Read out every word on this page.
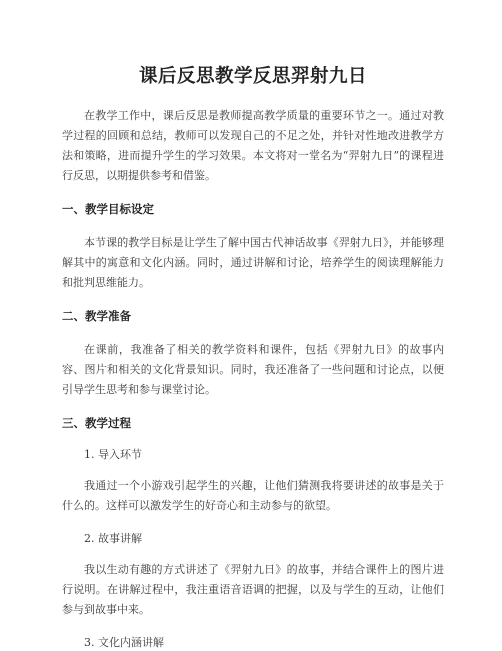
课后反思教学反思羿射九日

在教学工作中，课后反思是教师提高教学质量的重要环节之一。通过对教学过程的回顾和总结，教师可以发现自己的不足之处，并针对性地改进教学方法和策略，进而提升学生的学习效果。本文将对一堂名为“羿射九日”的课程进行反思，以期提供参考和借鉴。

一、教学目标设定

本节课的教学目标是让学生了解中国古代神话故事《羿射九日》，并能够理解其中的寓意和文化内涵。同时，通过讲解和讨论，培养学生的阅读理解能力和批判思维能力。

二、教学准备

在课前，我准备了相关的教学资料和课件，包括《羿射九日》的故事内容、图片和相关的文化背景知识。同时，我还准备了一些问题和讨论点，以便引导学生思考和参与课堂讨论。

三、教学过程
1. 导入环节

我通过一个小游戏引起学生的兴趣，让他们猜测我将要讲述的故事是关于什么的。这样可以激发学生的好奇心和主动参与的欲望。

2. 故事讲解

我以生动有趣的方式讲述了《羿射九日》的故事，并结合课件上的图片进行说明。在讲解过程中，我注重语音语调的把握，以及与学生的互动，让他们参与到故事中来。

3. 文化内涵讲解
